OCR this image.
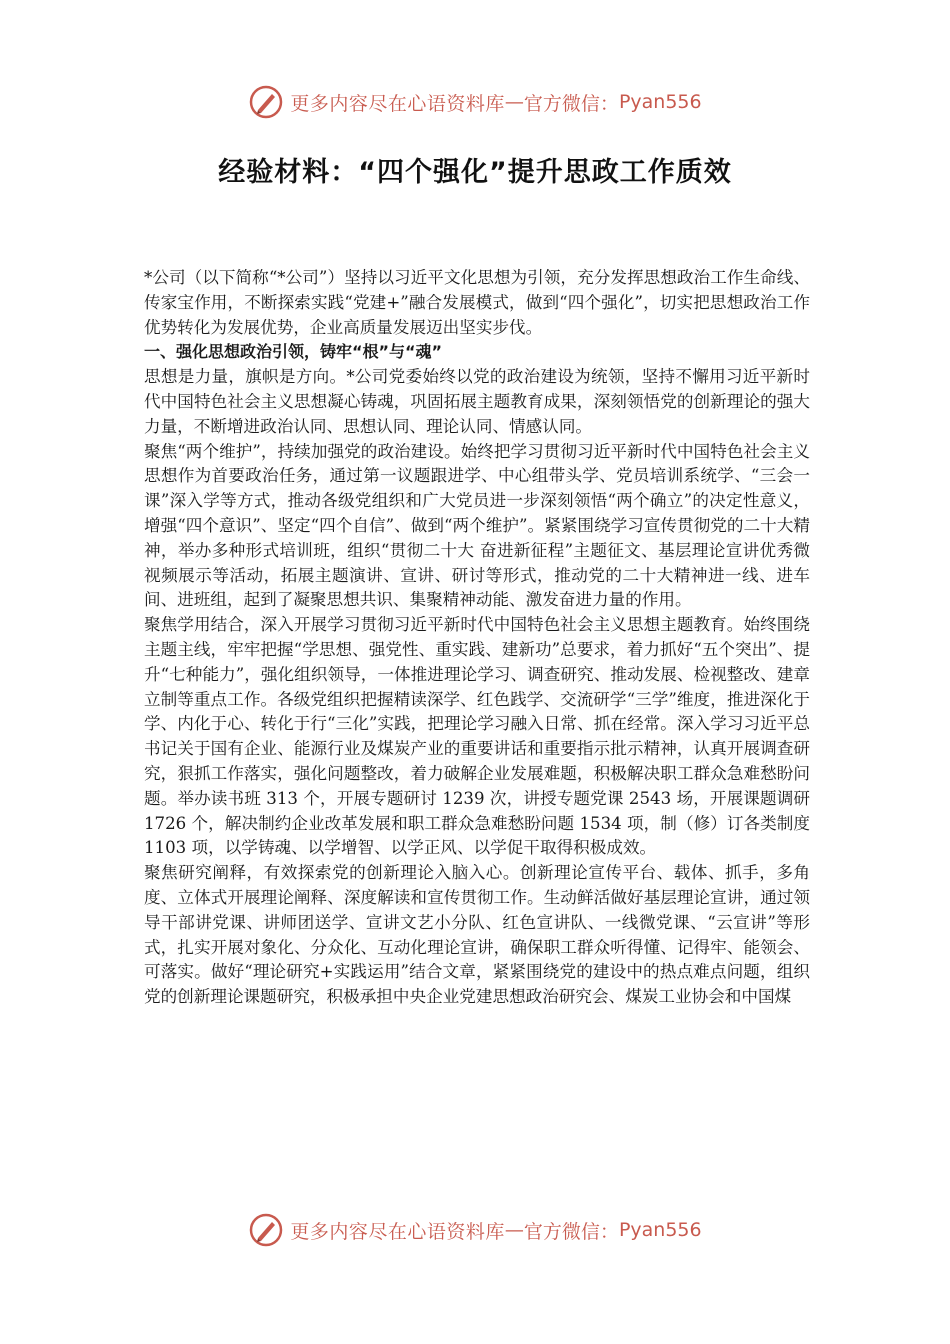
更多内容尽在心语资料库 — 官方微信： Pyan556
经验材料：“四个强化”提升思政工作质效

*公司（以下简称“*公司”）坚持以习近平文化思想为引领，充分发挥思想政治工作生命线、传家宝作用，不断探索实践“党建+”融合发展模式，做到“四个强化”，切实把思想政治工作优势转化为发展优势，企业高质量发展迈出坚实步伐。

一、强化思想政治引领，铸牢“根”与“魂”

思想是力量，旗帜是方向。*公司党委始终以党的政治建设为统领，坚持不懈用习近平新时代中国特色社会主义思想凝心铸魂，巩固拓展主题教育成果，深刻领悟党的创新理论的强大力量，不断增进政治认同、思想认同、理论认同、情感认同。

聚焦“两个维护”，持续加强党的政治建设。始终把学习贯彻习近平新时代中国特色社会主义思想作为首要政治任务，通过第一议题跟进学、中心组带头学、党员培训系统学、“三会一课”深入学等方式，推动各级党组织和广大党员进一步深刻领悟“两个确立”的决定性意义，增强“四个意识”、坚定“四个自信”、做到“两个维护”。紧紧围绕学习宣传贯彻党的二十大精神，举办多种形式培训班，组织“贯彻二十大 奋进新征程”主题征文、基层理论宣讲优秀微视频展示等活动，拓展主题演讲、宣讲、研讨等形式，推动党的二十大精神进一线、进车间、进班组，起到了凝聚思想共识、集聚精神动能、激发奋进力量的作用。

聚焦学用结合，深入开展学习贯彻习近平新时代中国特色社会主义思想主题教育。始终围绕主题主线，牢牢把握“学思想、强党性、重实践、建新功”总要求，着力抓好“五个突出”、提升“七种能力”，强化组织领导，一体推进理论学习、调查研究、推动发展、检视整改、建章立制等重点工作。各级党组织把握精读深学、红色践学、交流研学“三学”维度，推进深化于学、内化于心、转化于行“三化”实践，把理论学习融入日常、抓在经常。深入学习习近平总书记关于国有企业、能源行业及煤炭产业的重要讲话和重要指示批示精神，认真开展调查研究，狠抓工作落实，强化问题整改，着力破解企业发展难题，积极解决职工群众急难愁盼问题。举办读书班 313 个，开展专题研讨 1239 次，讲授专题党课 2543 场，开展课题调研 1726 个，解决制约企业改革发展和职工群众急难愁盼问题 1534 项，制（修）订各类制度 1103 项，以学铸魂、以学增智、以学正风、以学促干取得积极成效。

聚焦研究阐释，有效探索党的创新理论入脑入心。创新理论宣传平台、载体、抓手，多角度、立体式开展理论阐释、深度解读和宣传贯彻工作。生动鲜活做好基层理论宣讲，通过领导干部讲党课、讲师团送学、宣讲文艺小分队、红色宣讲队、一线微党课、“云宣讲”等形式，扎实开展对象化、分众化、互动化理论宣讲，确保职工群众听得懂、记得牢、能领会、可落实。做好“理论研究+实践运用”结合文章，紧紧围绕党的建设中的热点难点问题，组织党的创新理论课题研究，积极承担中央企业党建思想政治研究会、煤炭工业协会和中国煤

更多内容尽在心语资料库 — 官方微信： Pyan556
